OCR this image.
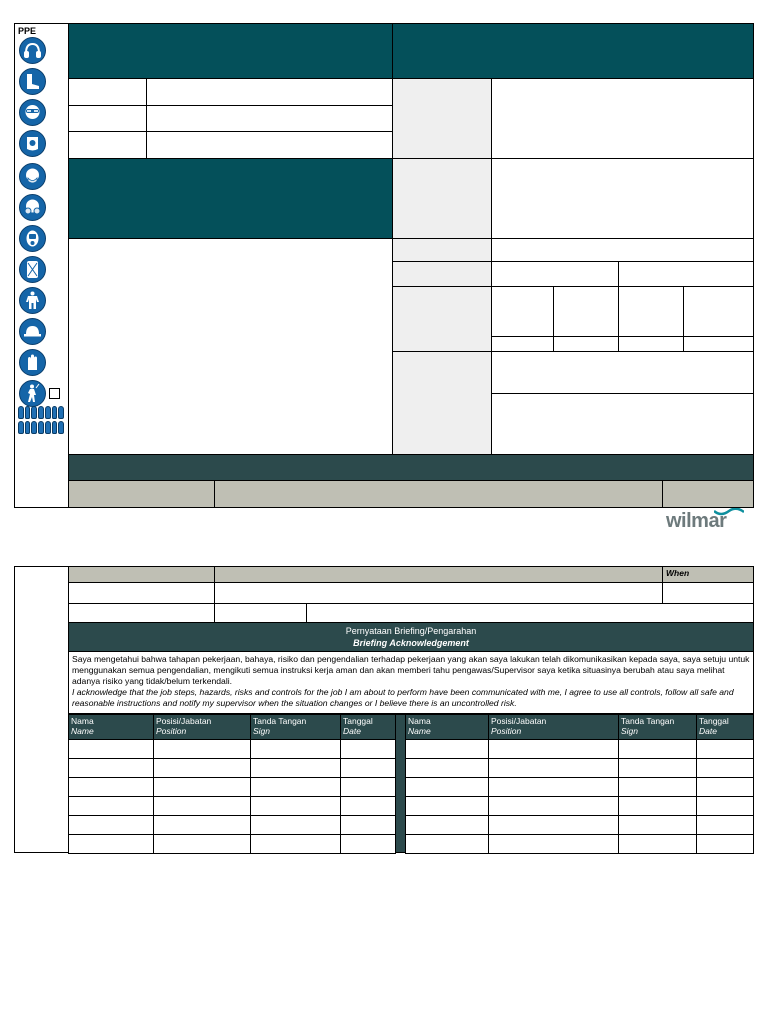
PPE
wilmar
When
Pernyataan Briefing/Pengarahan
Briefing Acknowledgement
Saya mengetahui bahwa tahapan pekerjaan, bahaya, risiko dan pengendalian terhadap pekerjaan yang akan saya lakukan telah dikomunikasikan kepada saya, saya setuju untuk menggunakan semua pengendalian, mengikuti semua instruksi kerja aman dan akan memberi tahu pengawas/Supervisor saya ketika situasinya berubah atau saya melihat adanya risiko yang tidak/belum terkendali.
I acknowledge that the job steps, hazards, risks and controls for the job I am about to perform have been communicated with me, I agree to use all controls, follow all safe and reasonable instructions and notify my supervisor when the situation changes or I believe there is an uncontrolled risk.
Nama
Name
Posisi/Jabatan
Position
Tanda Tangan
Sign
Tanggal
Date
Nama
Name
Posisi/Jabatan
Position
Tanda Tangan
Sign
Tanggal
Date
